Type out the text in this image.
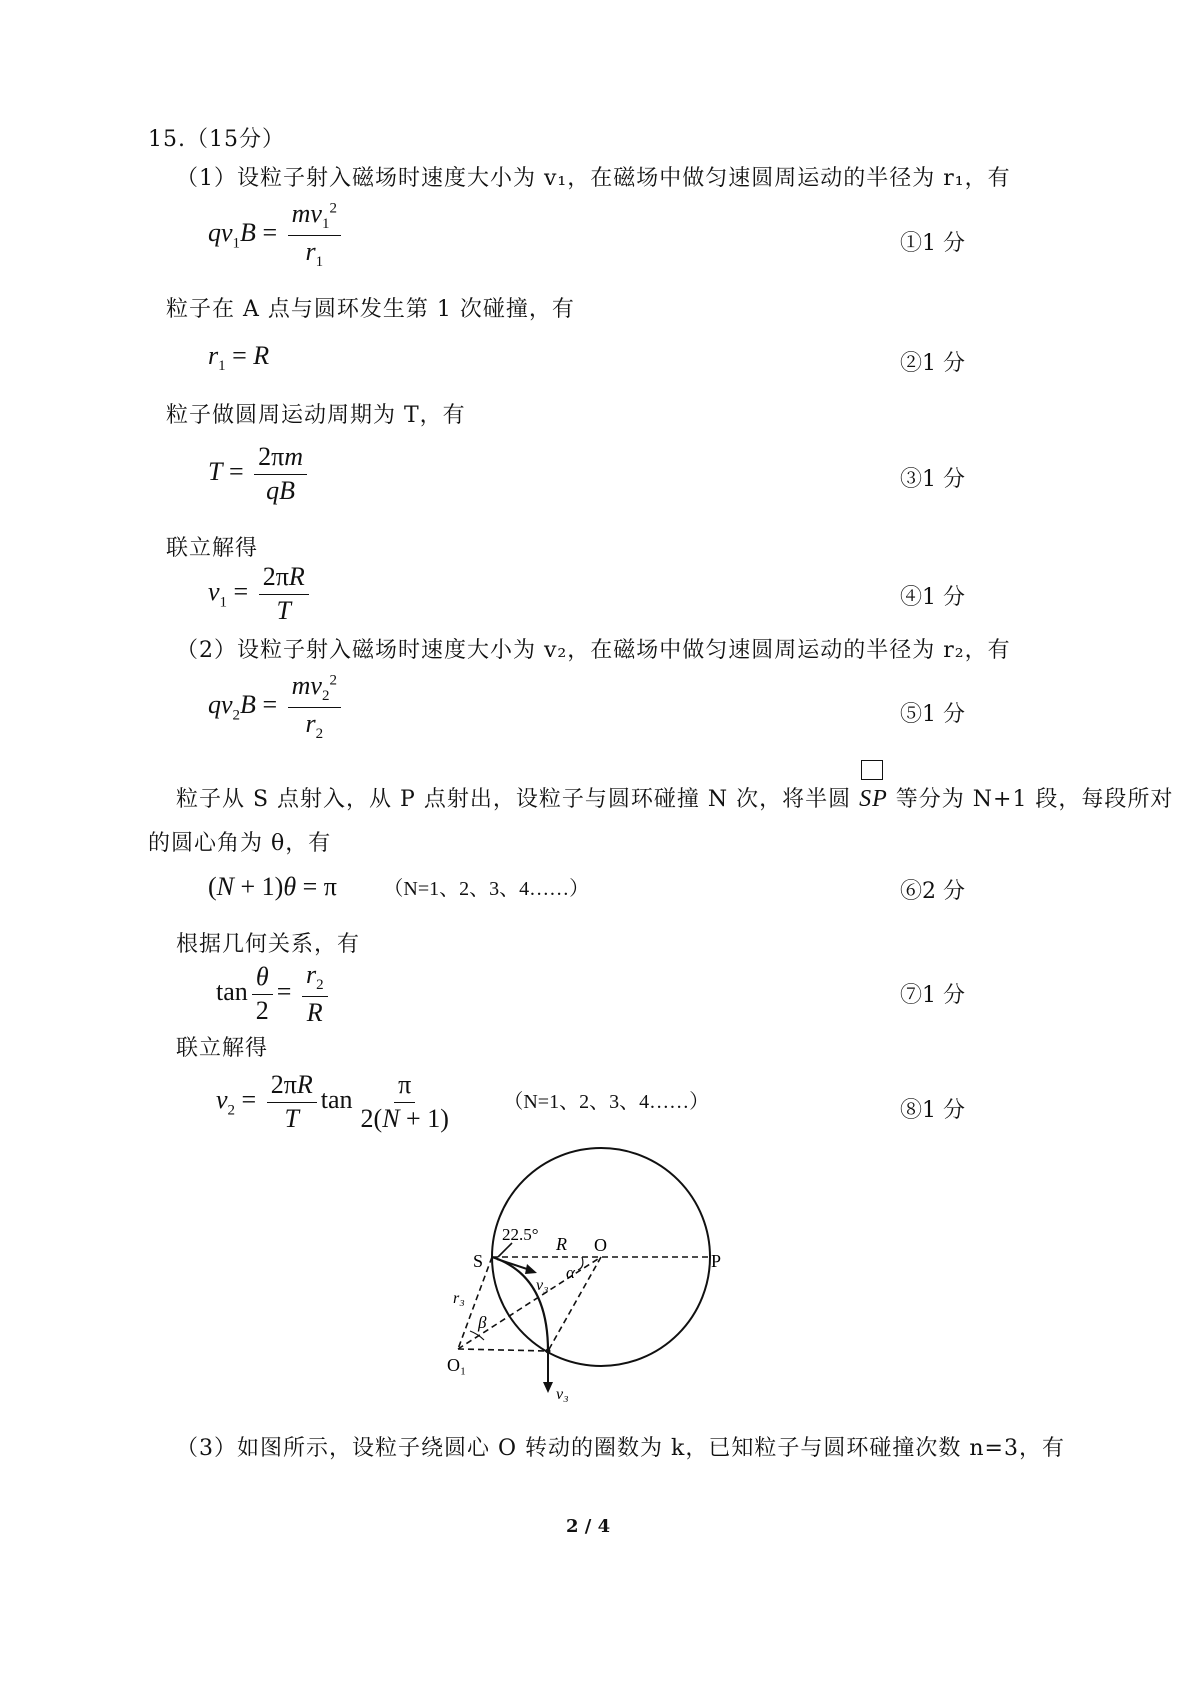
15.（15分）
（1）设粒子射入磁场时速度大小为 v₁，在磁场中做匀速圆周运动的半径为 r₁，有
$qv_1B = \frac{mv_1^2}{r_1}$	①1 分
粒子在 A 点与圆环发生第 1 次碰撞，有
$r_1 = R$	②1 分
粒子做圆周运动周期为 T，有
$T = \frac{2\pi m}{qB}$	③1 分
联立解得
$v_1 = \frac{2\pi R}{T}$	④1 分
（2）设粒子射入磁场时速度大小为 v₂，在磁场中做匀速圆周运动的半径为 r₂，有
$qv_2B = \frac{mv_2^2}{r_2}$	⑤1 分
粒子从 S 点射入，从 P 点射出，设粒子与圆环碰撞 N 次，将半圆 SP 等分为 N+1 段，每段所对
的圆心角为 θ，有
(N + 1)θ = π （N=1、2、3、4……）	⑥2 分
根据几何关系，有
$\tan \frac{\theta}{2} = \frac{r_2}{R}$	⑦1 分
联立解得
$v_2 = \frac{2\pi R}{T}$ $\tan \frac{\pi}{2(N + 1)}$	（N=1、2、3、4……）	⑧1 分
S
O
P
O₁
22.5° R
α
β
v₃
v₃
r₃
（3）如图所示，设粒子绕圆心 O 转动的圈数为 k，已知粒子与圆环碰撞次数 n=3，有
2 / 4
